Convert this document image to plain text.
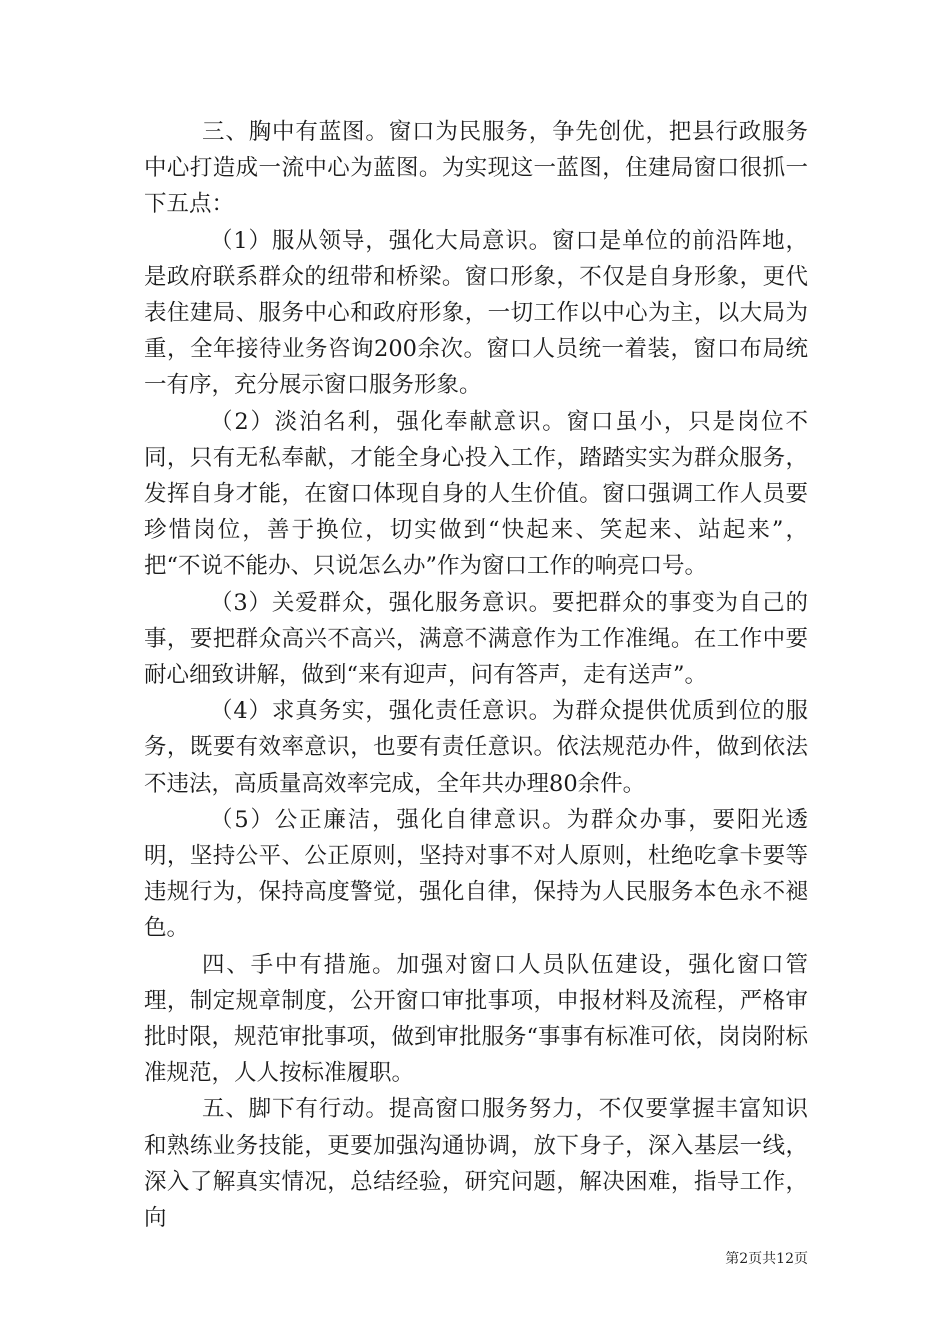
三、胸中有蓝图。窗口为民服务，争先创优，把县行政服务中心打造成一流中心为蓝图。为实现这一蓝图，住建局窗口很抓一下五点：

（1）服从领导，强化大局意识。窗口是单位的前沿阵地，是政府联系群众的纽带和桥梁。窗口形象，不仅是自身形象，更代表住建局、服务中心和政府形象，一切工作以中心为主，以大局为重，全年接待业务咨询200余次。窗口人员统一着装，窗口布局统一有序，充分展示窗口服务形象。

（2）淡泊名利，强化奉献意识。窗口虽小，只是岗位不同，只有无私奉献，才能全身心投入工作，踏踏实实为群众服务，发挥自身才能，在窗口体现自身的人生价值。窗口强调工作人员要珍惜岗位，善于换位，切实做到“快起来、笑起来、站起来”，把“不说不能办、只说怎么办”作为窗口工作的响亮口号。

（3）关爱群众，强化服务意识。要把群众的事变为自己的事，要把群众高兴不高兴，满意不满意作为工作准绳。在工作中要耐心细致讲解，做到“来有迎声，问有答声，走有送声”。

（4）求真务实，强化责任意识。为群众提供优质到位的服务，既要有效率意识，也要有责任意识。依法规范办件，做到依法不违法，高质量高效率完成，全年共办理80余件。

（5）公正廉洁，强化自律意识。为群众办事，要阳光透明，坚持公平、公正原则，坚持对事不对人原则，杜绝吃拿卡要等违规行为，保持高度警觉，强化自律，保持为人民服务本色永不褪色。

四、手中有措施。加强对窗口人员队伍建设，强化窗口管理，制定规章制度，公开窗口审批事项，申报材料及流程，严格审批时限，规范审批事项，做到审批服务“事事有标准可依，岗岗附标准规范，人人按标准履职。

五、脚下有行动。提高窗口服务努力，不仅要掌握丰富知识和熟练业务技能，更要加强沟通协调，放下身子，深入基层一线，深入了解真实情况，总结经验，研究问题，解决困难，指导工作，向

第2页共12页
